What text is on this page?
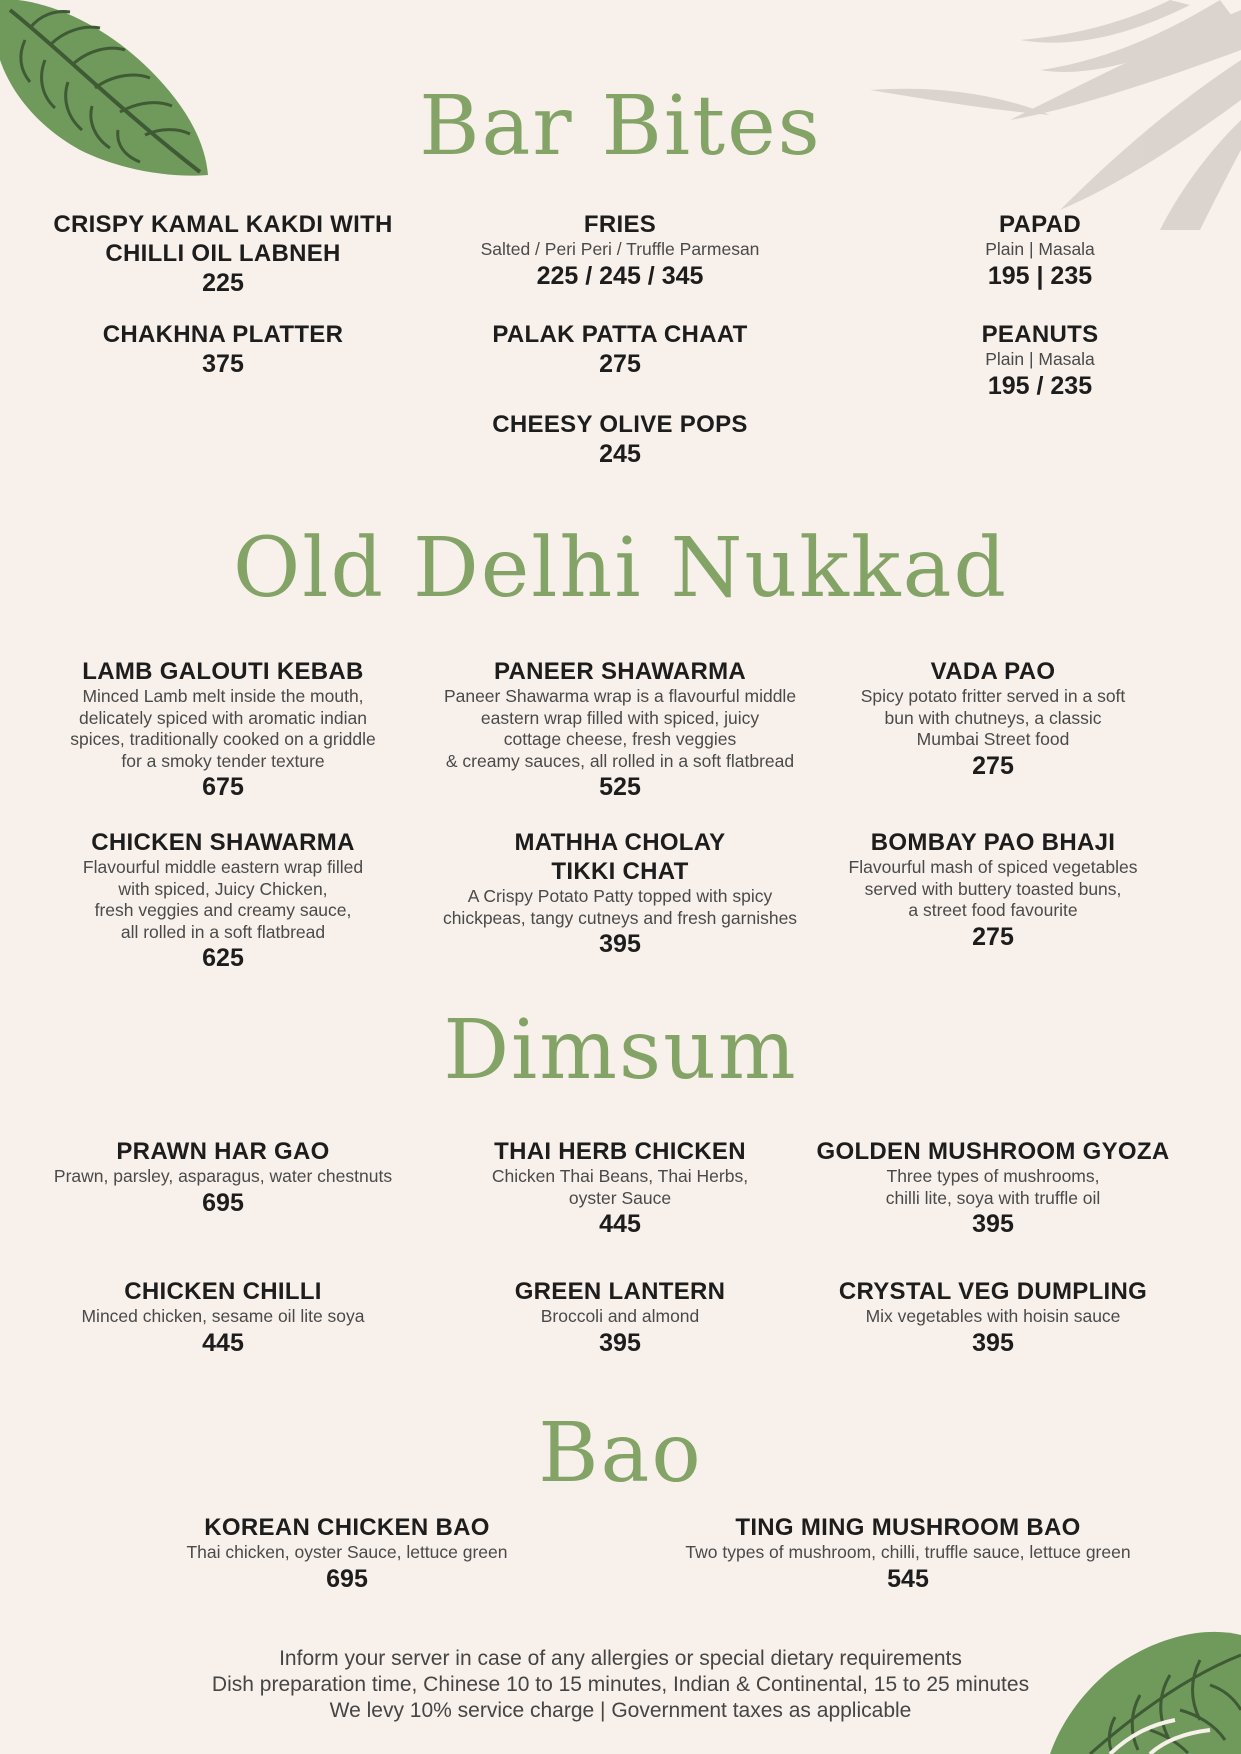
Bar Bites
CRISPY KAMAL KAKDI WITH
CHILLI OIL LABNEH
225
CHAKHNA PLATTER
375
FRIES
Salted / Peri Peri / Truffle Parmesan
225 / 245 / 345
PALAK PATTA CHAAT
275
CHEESY OLIVE POPS
245
PAPAD
Plain | Masala
195 | 235
PEANUTS
Plain | Masala
195 / 235
Old Delhi Nukkad
LAMB GALOUTI KEBAB
Minced Lamb melt inside the mouth,
delicately spiced with aromatic indian
spices, traditionally cooked on a griddle
for a smoky tender texture
675
PANEER SHAWARMA
Paneer Shawarma wrap is a flavourful middle
eastern wrap filled with spiced, juicy
cottage cheese, fresh veggies
& creamy sauces, all rolled in a soft flatbread
525
VADA PAO
Spicy potato fritter served in a soft
bun with chutneys, a classic
Mumbai Street food
275
CHICKEN SHAWARMA
Flavourful middle eastern wrap filled
with spiced, Juicy Chicken,
fresh veggies and creamy sauce,
all rolled in a soft flatbread
625
MATHHA CHOLAY
TIKKI CHAT
A Crispy Potato Patty topped with spicy
chickpeas, tangy cutneys and fresh garnishes
395
BOMBAY PAO BHAJI
Flavourful mash of spiced vegetables
served with buttery toasted buns,
a street food favourite
275
Dimsum
PRAWN HAR GAO
Prawn, parsley, asparagus, water chestnuts
695
THAI HERB CHICKEN
Chicken Thai Beans, Thai Herbs,
oyster Sauce
445
GOLDEN MUSHROOM GYOZA
Three types of mushrooms,
chilli lite, soya with truffle oil
395
CHICKEN CHILLI
Minced chicken, sesame oil lite soya
445
GREEN LANTERN
Broccoli and almond
395
CRYSTAL VEG DUMPLING
Mix vegetables with hoisin sauce
395
Bao
KOREAN CHICKEN BAO
Thai chicken, oyster Sauce, lettuce green
695
TING MING MUSHROOM BAO
Two types of mushroom, chilli, truffle sauce, lettuce green
545
Inform your server in case of any allergies or special dietary requirements
Dish preparation time, Chinese 10 to 15 minutes, Indian & Continental, 15 to 25 minutes
We levy 10% service charge | Government taxes as applicable
